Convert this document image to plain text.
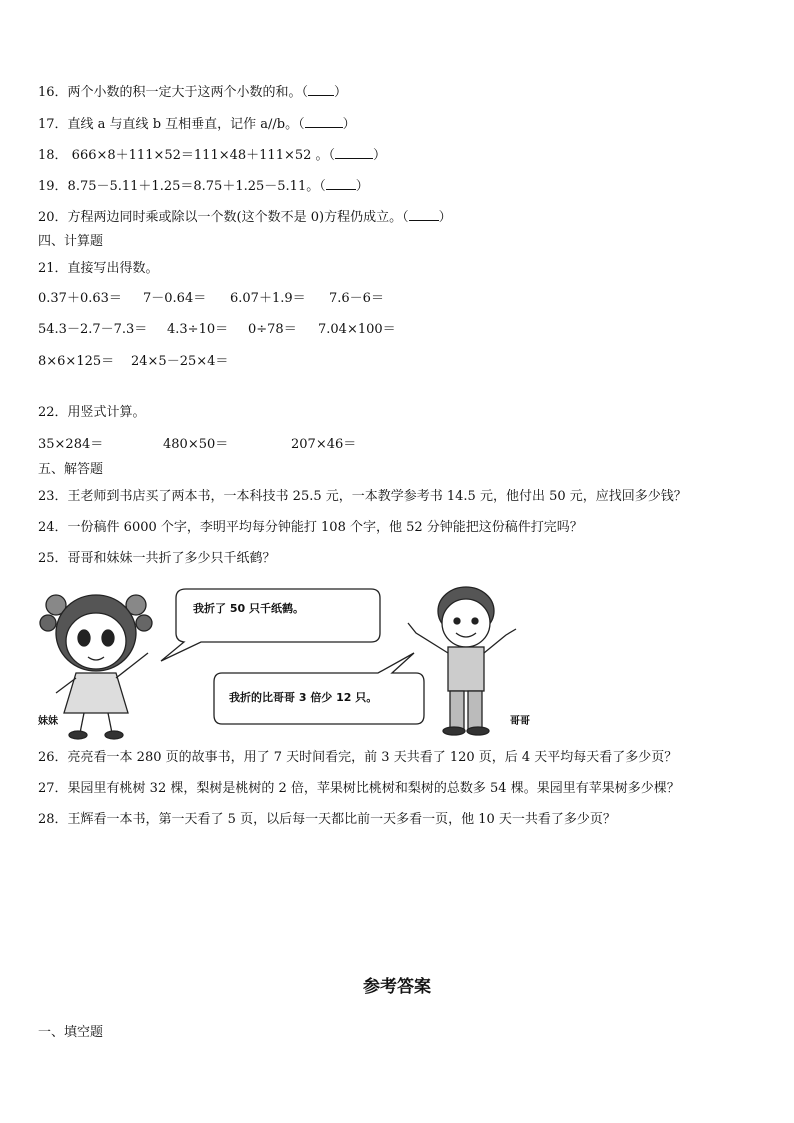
16．两个小数的积一定大于这两个小数的和。（ ）
17．直线 a 与直线 b 互相垂直，记作 a//b。（	）
18． 666×8＋111×52＝111×48＋111×52 。（	）
19．8.75－5.11＋1.25＝8.75＋1.25－5.11。（ ）
20．方程两边同时乘或除以一个数(这个数不是 0)方程仍成立。（ ）
四、计算题
21．直接写出得数。
0.37＋0.63＝ 7－0.64＝ 6.07＋1.9＝ 7.6－6＝
54.3－2.7－7.3＝ 4.3÷10＝ 0÷78＝ 7.04×100＝
8×6×125＝ 24×5－25×4＝
22．用竖式计算。
35×284＝	480×50＝	207×46＝
五、解答题
23．王老师到书店买了两本书，一本科技书 25.5 元，一本教学参考书 14.5 元，他付出 50 元，应找回多少钱？
24．一份稿件 6000 个字，李明平均每分钟能打 108 个字，他 52 分钟能把这份稿件打完吗？
25．哥哥和妹妹一共折了多少只千纸鹤？
我折了 50 只千纸鹤。
我折的比哥哥 3 倍少 12 只。
妹妹	哥哥
26．亮亮看一本 280 页的故事书，用了 7 天时间看完，前 3 天共看了 120 页，后 4 天平均每天看了多少页？
27．果园里有桃树 32 棵，梨树是桃树的 2 倍，苹果树比桃树和梨树的总数多 54 棵。果园里有苹果树多少棵？
28．王辉看一本书，第一天看了 5 页，以后每一天都比前一天多看一页，他 10 天一共看了多少页？
参考答案
一、填空题
